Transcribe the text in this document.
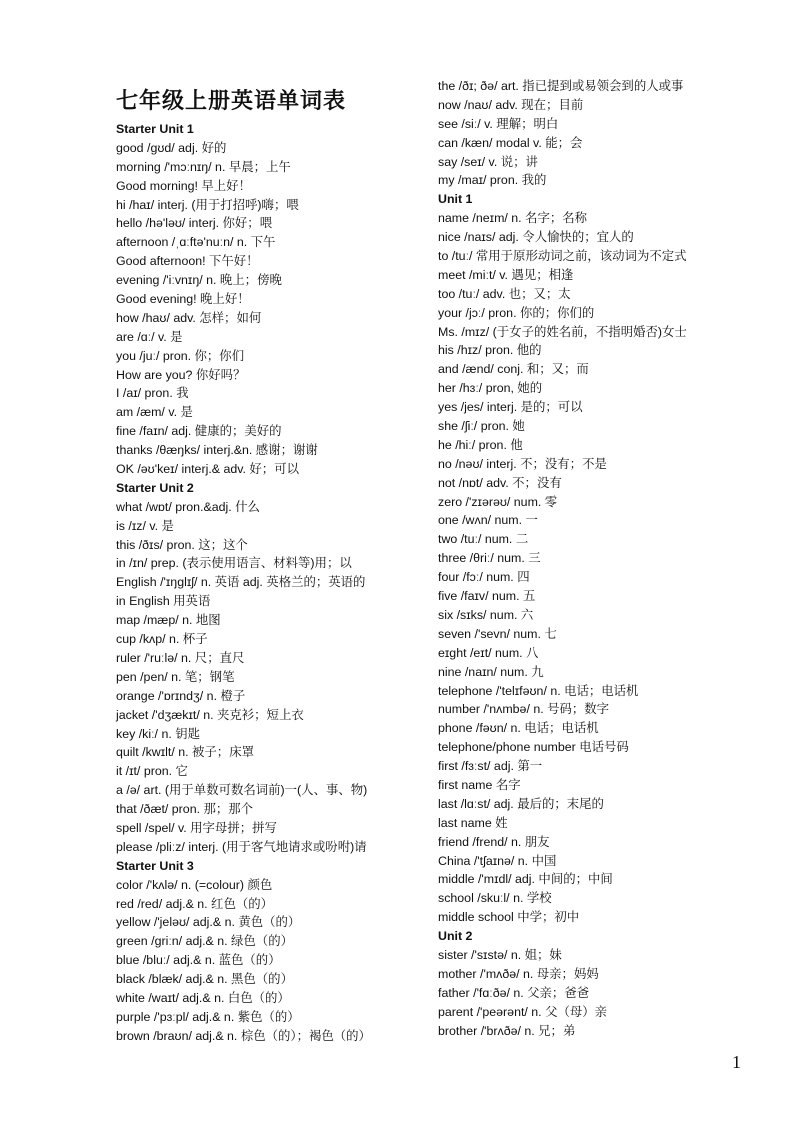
七年级上册英语单词表
Starter Unit 1
good /gʊd/ adj. 好的
morning /'mɔːnɪŋ/ n. 早晨；上午
Good morning! 早上好！
hi /haɪ/ interj. (用于打招呼)嗨；喂
hello /hə'ləʊ/ interj. 你好；喂
afternoon /ˌɑːftə'nuːn/ n. 下午
Good afternoon! 下午好！
evening /'iːvnɪŋ/ n. 晚上；傍晚
Good evening! 晚上好！
how /haʊ/ adv. 怎样；如何
are /ɑː/ v. 是
you /juː/ pron. 你；你们
How are you? 你好吗？
I /aɪ/ pron. 我
am /æm/ v. 是
fine /faɪn/ adj. 健康的；美好的
thanks /θæŋks/ interj.&n. 感谢；谢谢
OK /əʊ'keɪ/ interj.& adv. 好；可以
Starter Unit 2
what /wɒt/ pron.&adj. 什么
is /ɪz/ v. 是
this /ðɪs/ pron. 这；这个
in /ɪn/ prep. (表示使用语言、材料等)用；以
English /'ɪŋglɪʃ/ n. 英语 adj. 英格兰的；英语的
in English 用英语
map /mæp/ n. 地图
cup /kʌp/ n. 杯子
ruler /'ruːlə/ n. 尺；直尺
pen /pen/ n. 笔；钢笔
orange /'ɒrɪndʒ/ n. 橙子
jacket /'dʒækɪt/ n. 夹克衫；短上衣
key /kiː/ n. 钥匙
quilt /kwɪlt/ n. 被子；床罩
it /ɪt/ pron. 它
a /ə/ art. (用于单数可数名词前)一(人、事、物)
that /ðæt/ pron. 那；那个
spell /spel/ v. 用字母拼；拼写
please /pliːz/ interj. (用于客气地请求或吩咐)请
Starter Unit 3
color /'kʌlə/ n. (=colour) 颜色
red /red/ adj.& n. 红色（的）
yellow /'jeləʊ/ adj.& n. 黄色（的）
green /griːn/ adj.& n. 绿色（的）
blue /bluː/ adj.& n. 蓝色（的）
black /blæk/ adj.& n. 黑色（的）
white /waɪt/ adj.& n. 白色（的）
purple /'pɜːpl/ adj.& n. 紫色（的）
brown /braʊn/ adj.& n. 棕色（的）；褐色（的）
the /ðɪ; ðə/ art. 指已提到或易领会到的人或事
now /naʊ/ adv. 现在；目前
see /siː/ v. 理解；明白
can /kæn/ modal v. 能；会
say /seɪ/ v. 说；讲
my /maɪ/ pron. 我的
Unit 1
name /neɪm/ n. 名字；名称
nice /naɪs/ adj. 令人愉快的；宜人的
to /tuː/ 常用于原形动词之前，该动词为不定式
meet /miːt/ v. 遇见；相逢
too /tuː/ adv. 也；又；太
your /jɔː/ pron. 你的；你们的
Ms. /mɪz/ (于女子的姓名前，不指明婚否)女士
his /hɪz/ pron. 他的
and /ænd/ conj. 和；又；而
her /hɜː/ pron, 她的
yes /jes/ interj. 是的；可以
she /ʃiː/ pron. 她
he /hiː/ pron. 他
no /nəʊ/ interj. 不；没有；不是
not /nɒt/ adv. 不；没有
zero /'zɪərəʊ/ num. 零
one /wʌn/ num. 一
two /tuː/ num. 二
three /θriː/ num. 三
four /fɔː/ num. 四
five /faɪv/ num. 五
six /sɪks/ num. 六
seven /'sevn/ num. 七
eɪght /eɪt/ num. 八
nine /naɪn/ num. 九
telephone /'telɪfəʊn/ n. 电话；电话机
number /'nʌmbə/ n. 号码；数字
phone /fəʊn/ n. 电话；电话机
telephone/phone number 电话号码
first /fɜːst/ adj. 第一
first name 名字
last /lɑːst/ adj. 最后的；末尾的
last name 姓
friend /frend/ n. 朋友
China /'tʃaɪnə/ n. 中国
middle /'mɪdl/ adj. 中间的；中间
school /skuːl/ n. 学校
middle school 中学；初中
Unit 2
sister /'sɪstə/ n. 姐；妹
mother /'mʌðə/ n. 母亲；妈妈
father /'fɑːðə/ n. 父亲；爸爸
parent /'peərənt/ n. 父（母）亲
brother /'brʌðə/ n. 兄；弟
1
